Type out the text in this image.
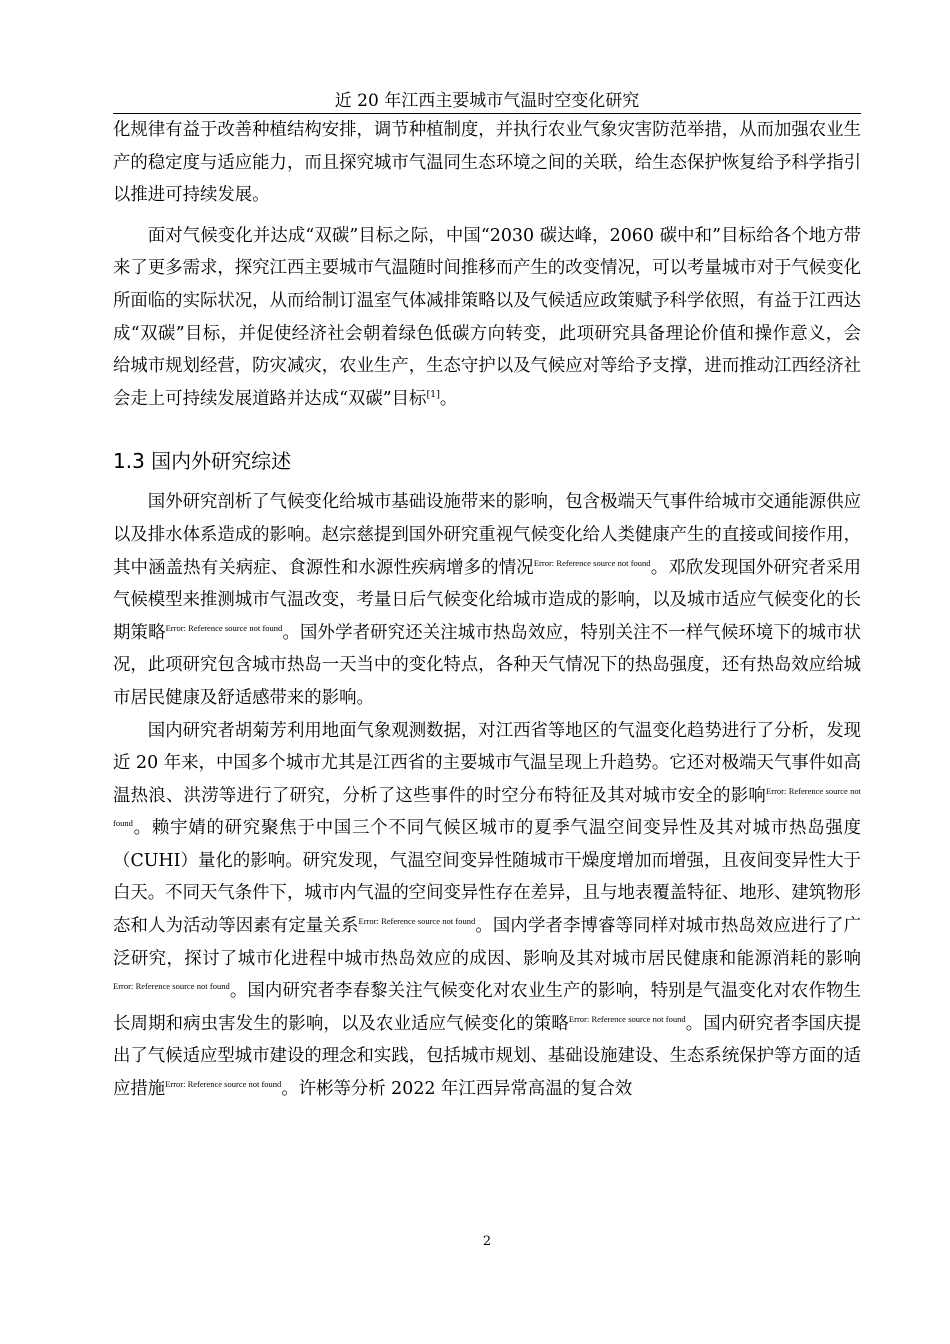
近 20 年江西主要城市气温时空变化研究

化规律有益于改善种植结构安排，调节种植制度，并执行农业气象灾害防范举措，从而加强农业生产的稳定度与适应能力，而且探究城市气温同生态环境之间的关联，给生态保护恢复给予科学指引以推进可持续发展。

面对气候变化并达成“双碳”目标之际，中国“2030 碳达峰，2060 碳中和”目标给各个地方带来了更多需求，探究江西主要城市气温随时间推移而产生的改变情况，可以考量城市对于气候变化所面临的实际状况，从而给制订温室气体减排策略以及气候适应政策赋予科学依照，有益于江西达成“双碳”目标，并促使经济社会朝着绿色低碳方向转变，此项研究具备理论价值和操作意义，会给城市规划经营，防灾减灾，农业生产，生态守护以及气候应对等给予支撑，进而推动江西经济社会走上可持续发展道路并达成“双碳”目标[1]。

1.3 国内外研究综述

国外研究剖析了气候变化给城市基础设施带来的影响，包含极端天气事件给城市交通能源供应以及排水体系造成的影响。赵宗慈提到国外研究重视气候变化给人类健康产生的直接或间接作用，其中涵盖热有关病症、食源性和水源性疾病增多的情况$^{Error: Reference source not found}$。邓欣发现国外研究者采用气候模型来推测城市气温改变，考量日后气候变化给城市造成的影响，以及城市适应气候变化的长期策略$^{Error: Reference source not found}$。国外学者研究还关注城市热岛效应，特别关注不一样气候环境下的城市状况，此项研究包含城市热岛一天当中的变化特点，各种天气情况下的热岛强度，还有热岛效应给城市居民健康及舒适感带来的影响。

国内研究者胡菊芳利用地面气象观测数据，对江西省等地区的气温变化趋势进行了分析，发现近 20 年来，中国多个城市尤其是江西省的主要城市气温呈现上升趋势。它还对极端天气事件如高温热浪、洪涝等进行了研究，分析了这些事件的时空分布特征及其对城市安全的影响$^{Error: Reference source not found}$。赖宇婧的研究聚焦于中国三个不同气候区城市的夏季气温空间变异性及其对城市热岛强度（CUHI）量化的影响。研究发现，气温空间变异性随城市干燥度增加而增强，且夜间变异性大于白天。不同天气条件下，城市内气温的空间变异性存在差异，且与地表覆盖特征、地形、建筑物形态和人为活动等因素有定量关系$^{Error: Reference source not found}$。国内学者李博睿等同样对城市热岛效应进行了广泛研究，探讨了城市化进程中城市热岛效应的成因、影响及其对城市居民健康和能源消耗的影响$^{Error: Reference source not found}$。国内研究者李春黎关注气候变化对农业生产的影响，特别是气温变化对农作物生长周期和病虫害发生的影响，以及农业适应气候变化的策略$^{Error: Reference source not found}$。国内研究者李国庆提出了气候适应型城市建设的理念和实践，包括城市规划、基础设施建设、生态系统保护等方面的适应措施$^{Error: Reference source not found}$。许彬等分析 2022 年江西异常高温的复合效

2
